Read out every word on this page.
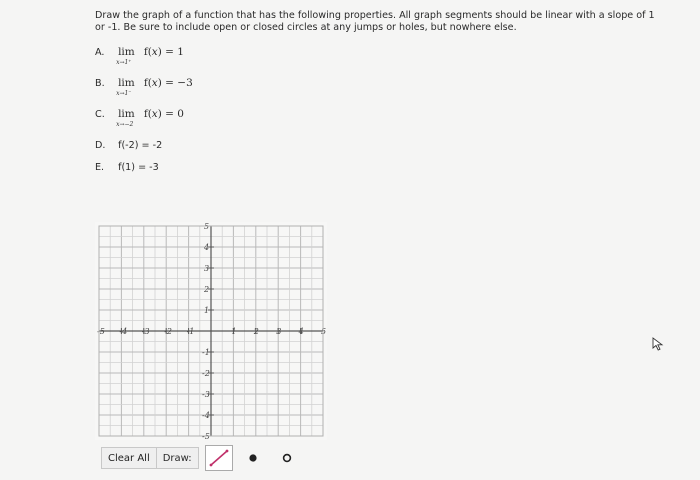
Draw the graph of a function that has the following properties. All graph segments should be linear with a slope of 1 or -1. Be sure to include open or closed circles at any jumps or holes, but nowhere else.
A. lim
x→1⁺
f(x) = 1
B. lim
x→1⁻
f(x) = −3
C. lim
x→−2
f(x) = 0
D. f(-2) = -2
E. f(1) = -3
-5 -4 -3 -2 -1	1 2 3 4 5
5
4
3
2
1
-1
-2
-3
-4
-5
Clear All	Draw:
